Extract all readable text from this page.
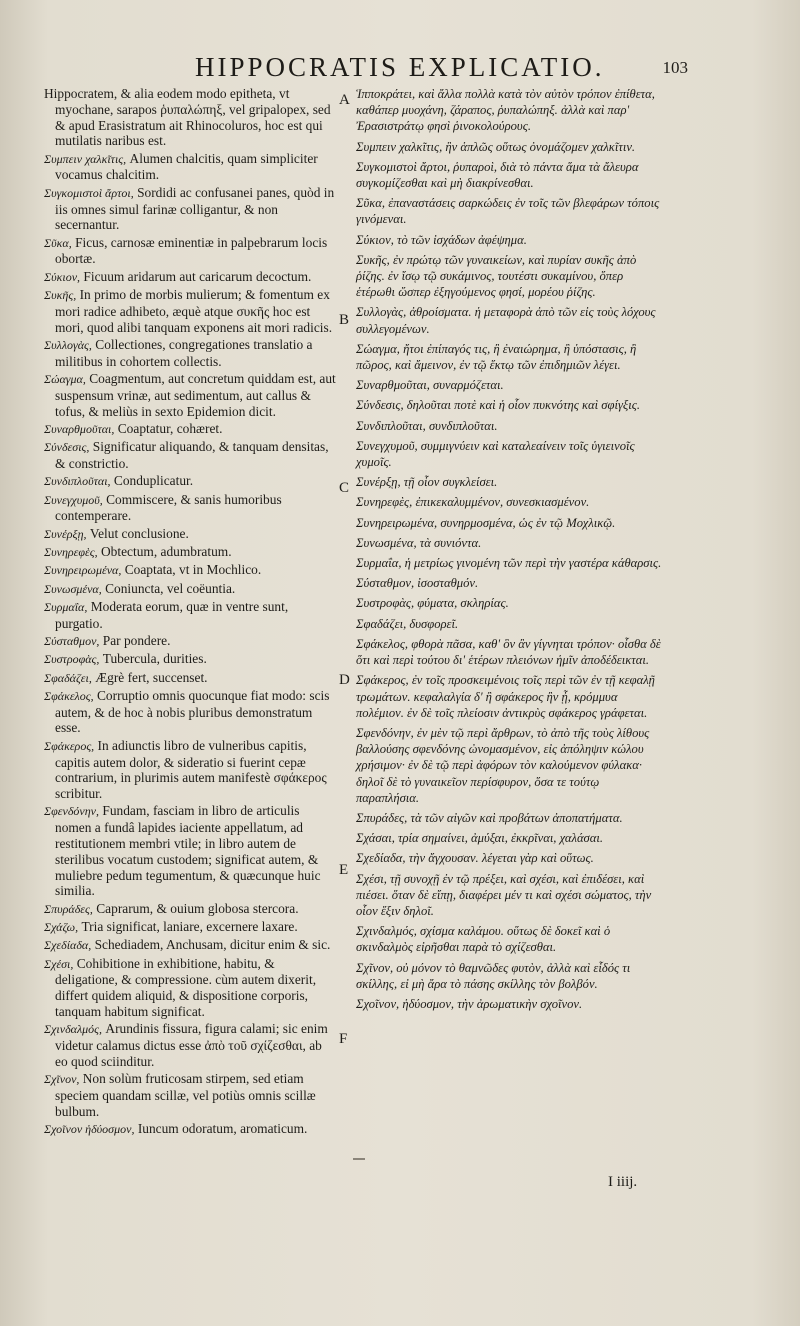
HIPPOCRATIS EXPLICATIO.	103
Hippocratem, & alia eodem modo epitheta, vt myochane, sarapos ῥυπαλώπηξ, vel gripalopex, sed & apud Erasistratum ait Rhinocoluros, hoc est qui mutilatis naribus est.
Συμπειν χαλκῖτις, Alumen chalcitis, quam simpliciter vocamus chalcitim.
Συγκομιστοὶ ἄρτοι, Sordidi ac confusanei panes, quòd in iis omnes simul farinæ colligantur, & non secernantur.
Σῦκα, Ficus, carnosæ eminentiæ in palpebrarum locis obortæ.
Σύκιον, Ficuum aridarum aut caricarum decoctum.
Συκῆς, In primo de morbis mulierum; & fomentum ex mori radice adhibeto, æquè atque συκῆς hoc est mori, quod alibi tanquam exponens ait mori radicis.
Συλλογὰς, Collectiones, congregationes translatio a militibus in cohortem collectis.
Σώαγμα, Coagmentum, aut concretum quiddam est, aut suspensum vrinæ, aut sedimentum, aut callus & tofus, & meliùs in sexto Epidemion dicit.
Συναρθμοῦται, Coaptatur, cohæret.
Σύνδεσις, Significatur aliquando, & tanquam densitas, & constrictio.
Συνδιπλοῦται, Conduplicatur.
Συνεγχυμοῦ, Commiscere, & sanis humoribus contemperare.
Συνέρξῃ, Velut conclusione.
Συνηρεφὲς, Obtectum, adumbratum.
Συνηρειρωμένα, Coaptata, vt in Mochlico.
Συνωσμένα, Coniuncta, vel coëuntia.
Συρμαΐα, Moderata eorum, quæ in ventre sunt, purgatio.
Σύσταθμον, Par pondere.
Συστροφὰς, Tubercula, durities.
Σφαδάζει, Ægrè fert, succenset.
Σφάκελος, Corruptio omnis quocunque fiat modo: scis autem, & de hoc à nobis pluribus demonstratum esse.
Σφάκερος, In adiunctis libro de vulneribus capitis, capitis autem dolor, & sideratio si fuerint cepæ contrarium, in plurimis autem manifestè σφάκερος scribitur.
Σφενδόνην, Fundam, fasciam in libro de articulis nomen a fundâ lapides iaciente appellatum, ad restitutionem membri vtile; in libro autem de sterilibus vocatum custodem; significat autem, & muliebre pedum tegumentum, & quæcunque huic similia.
Σπυράδες, Caprarum, & ouium globosa stercora.
Σχάζω, Tria significat, laniare, excernere laxare.
Σχεδίαδα, Schediadem, Anchusam, dicitur enim & sic.
Σχέσι, Cohibitione in exhibitione, habitu, & deligatione, & compressione. cùm autem dixerit, differt quidem aliquid, & dispositione corporis, tanquam habitum significat.
Σχινδαλμός, Arundinis fissura, figura calami; sic enim videtur calamus dictus esse ἀπὸ τοῦ σχίζεσθαι, ab eo quod sciinditur.
Σχῖνον, Non solùm fruticosam stirpem, sed etiam speciem quandam scillæ, vel potiùs omnis scillæ bulbum.
Σχοῖνον ἡδύοσμον, Iuncum odoratum, aromaticum.
Ἱπποκράτει, καὶ ἄλλα πολλὰ κατὰ τὸν αὐτὸν τρόπον ἐπίθετα, καθάπερ μυοχάνη, ζάραπος, ῥυπαλώπηξ. ἀλλὰ καὶ παρ' Ἐρασιστράτῳ φησὶ ῥινοκολούρους.
Συμπειν χαλκῖτις, ἣν ἁπλῶς οὕτως ὀνομάζομεν χαλκῖτιν.
Συγκομιστοὶ ἄρτοι, ῥυπαροὶ, διὰ τὸ πάντα ἅμα τὰ ἄλευρα συγκομίζεσθαι καὶ μὴ διακρίνεσθαι.
Σῦκα, ἐπαναστάσεις σαρκώδεις ἐν τοῖς τῶν βλεφάρων τόποις γινόμεναι.
Σύκιον, τὸ τῶν ἰσχάδων ἀφέψημα.
Συκῆς, ἐν πρώτῳ τῶν γυναικείων, καὶ πυρίαν συκῆς ἀπὸ ῥίζης. ἐν ἴσῳ τῷ συκάμινος, τουτέστι συκαμίνου, ὅπερ ἑτέρωθι ὥσπερ ἐξηγούμενος φησί, μορέου ῥίζης.
Συλλογὰς, ἀθροίσματα. ἡ μεταφορὰ ἀπὸ τῶν εἰς τοὺς λόχους συλλεγομένων.
Σώαγμα, ἤτοι ἐπίπαγός τις, ἢ ἐναιώρημα, ἢ ὑπόστασις, ἢ πῶρος, καὶ ἄμεινον, ἐν τῷ ἕκτῳ τῶν ἐπιδημιῶν λέγει.
Συναρθμοῦται, συναρμόζεται.
Σύνδεσις, δηλοῦται ποτὲ καὶ ἡ οἷον πυκνότης καὶ σφίγξις.
Συνδιπλοῦται, συνδιπλοῦται.
Συνεγχυμοῦ, συμμιγνύειν καὶ καταλεαίνειν τοῖς ὑγιεινοῖς χυμοῖς.
Συνέρξῃ, τῇ οἷον συγκλείσει.
Συνηρεφὲς, ἐπικεκαλυμμένον, συνεσκιασμένον.
Συνηρειρωμένα, συνηρμοσμένα, ὡς ἐν τῷ Μοχλικῷ.
Συνωσμένα, τὰ συνιόντα.
Συρμαΐα, ἡ μετρίως γινομένη τῶν περὶ τὴν γαστέρα κάθαρσις.
Σύσταθμον, ἰσοσταθμόν.
Συστροφὰς, φύματα, σκληρίας.
Σφαδάζει, δυσφορεῖ.
Σφάκελος, φθορὰ πᾶσα, καθ' ὃν ἂν γίγνηται τρόπον· οἶσθα δὲ ὅτι καὶ περὶ τούτου δι' ἑτέρων πλειόνων ἡμῖν ἀποδέδεικται.
Σφάκερος, ἐν τοῖς προσκειμένοις τοῖς περὶ τῶν ἐν τῇ κεφαλῇ τρωμάτων. κεφαλαλγία δ' ἢ σφάκερος ἢν ᾖ, κρόμμυα πολέμιον. ἐν δὲ τοῖς πλείοσιν ἀντικρὺς σφάκερος γράφεται.
Σφενδόνην, ἐν μὲν τῷ περὶ ἄρθρων, τὸ ἀπὸ τῆς τοὺς λίθους βαλλούσης σφενδόνης ὠνομασμένον, εἰς ἀπόληψιν κώλου χρήσιμον· ἐν δὲ τῷ περὶ ἀφόρων τὸν καλούμενον φύλακα· δηλοῖ δὲ τὸ γυναικεῖον περίσφυρον, ὅσα τε τούτῳ παραπλήσια.
Σπυράδες, τὰ τῶν αἰγῶν καὶ προβάτων ἀποπατήματα.
Σχάσαι, τρία σημαίνει, ἀμύξαι, ἐκκρῖναι, χαλάσαι.
Σχεδίαδα, τὴν ἄγχουσαν. λέγεται γὰρ καὶ οὕτως.
Σχέσι, τῇ συνοχῇ ἐν τῷ πρέξει, καὶ σχέσι, καὶ ἐπιδέσει, καὶ πιέσει. ὅταν δὲ εἴπῃ, διαφέρει μέν τι καὶ σχέσι σώματος, τὴν οἷον ἕξιν δηλοῖ.
Σχινδαλμός, σχίσμα καλάμου. οὕτως δὲ δοκεῖ καὶ ὁ σκινδαλμὸς εἰρῆσθαι παρὰ τὸ σχίζεσθαι.
Σχῖνον, οὐ μόνον τὸ θαμνῶδες φυτὸν, ἀλλὰ καὶ εἶδός τι σκίλλης, εἰ μὴ ἄρα τὸ πάσης σκίλλης τὸν βολβόν.
Σχοῖνον, ἡδύοσμον, τὴν ἀρωματικὴν σχοῖνον.
A
B
C
D
E
F
I iiij.
